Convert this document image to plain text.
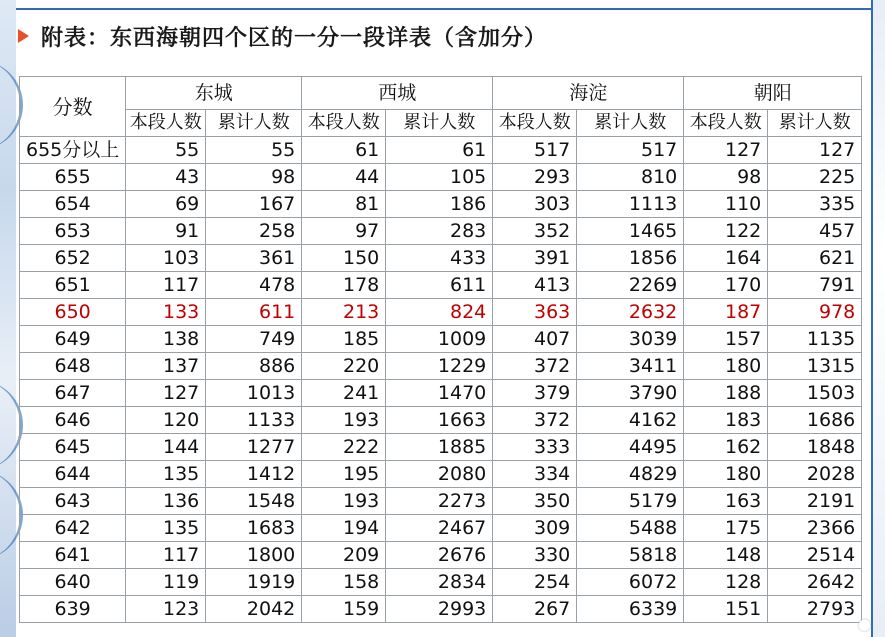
附表：东西海朝四个区的一分一段详表（含加分）
分数	东城		西城		海淀		朝阳	
	本段人数	累计人数	本段人数	累计人数	本段人数	累计人数	本段人数	累计人数
655分以上	55	55	61	61	517	517	127	127
655	43	98	44	105	293	810	98	225
654	69	167	81	186	303	1113	110	335
653	91	258	97	283	352	1465	122	457
652	103	361	150	433	391	1856	164	621
651	117	478	178	611	413	2269	170	791
650	133	611	213	824	363	2632	187	978
649	138	749	185	1009	407	3039	157	1135
648	137	886	220	1229	372	3411	180	1315
647	127	1013	241	1470	379	3790	188	1503
646	120	1133	193	1663	372	4162	183	1686
645	144	1277	222	1885	333	4495	162	1848
644	135	1412	195	2080	334	4829	180	2028
643	136	1548	193	2273	350	5179	163	2191
642	135	1683	194	2467	309	5488	175	2366
641	117	1800	209	2676	330	5818	148	2514
640	119	1919	158	2834	254	6072	128	2642
639	123	2042	159	2993	267	6339	151	2793
●
